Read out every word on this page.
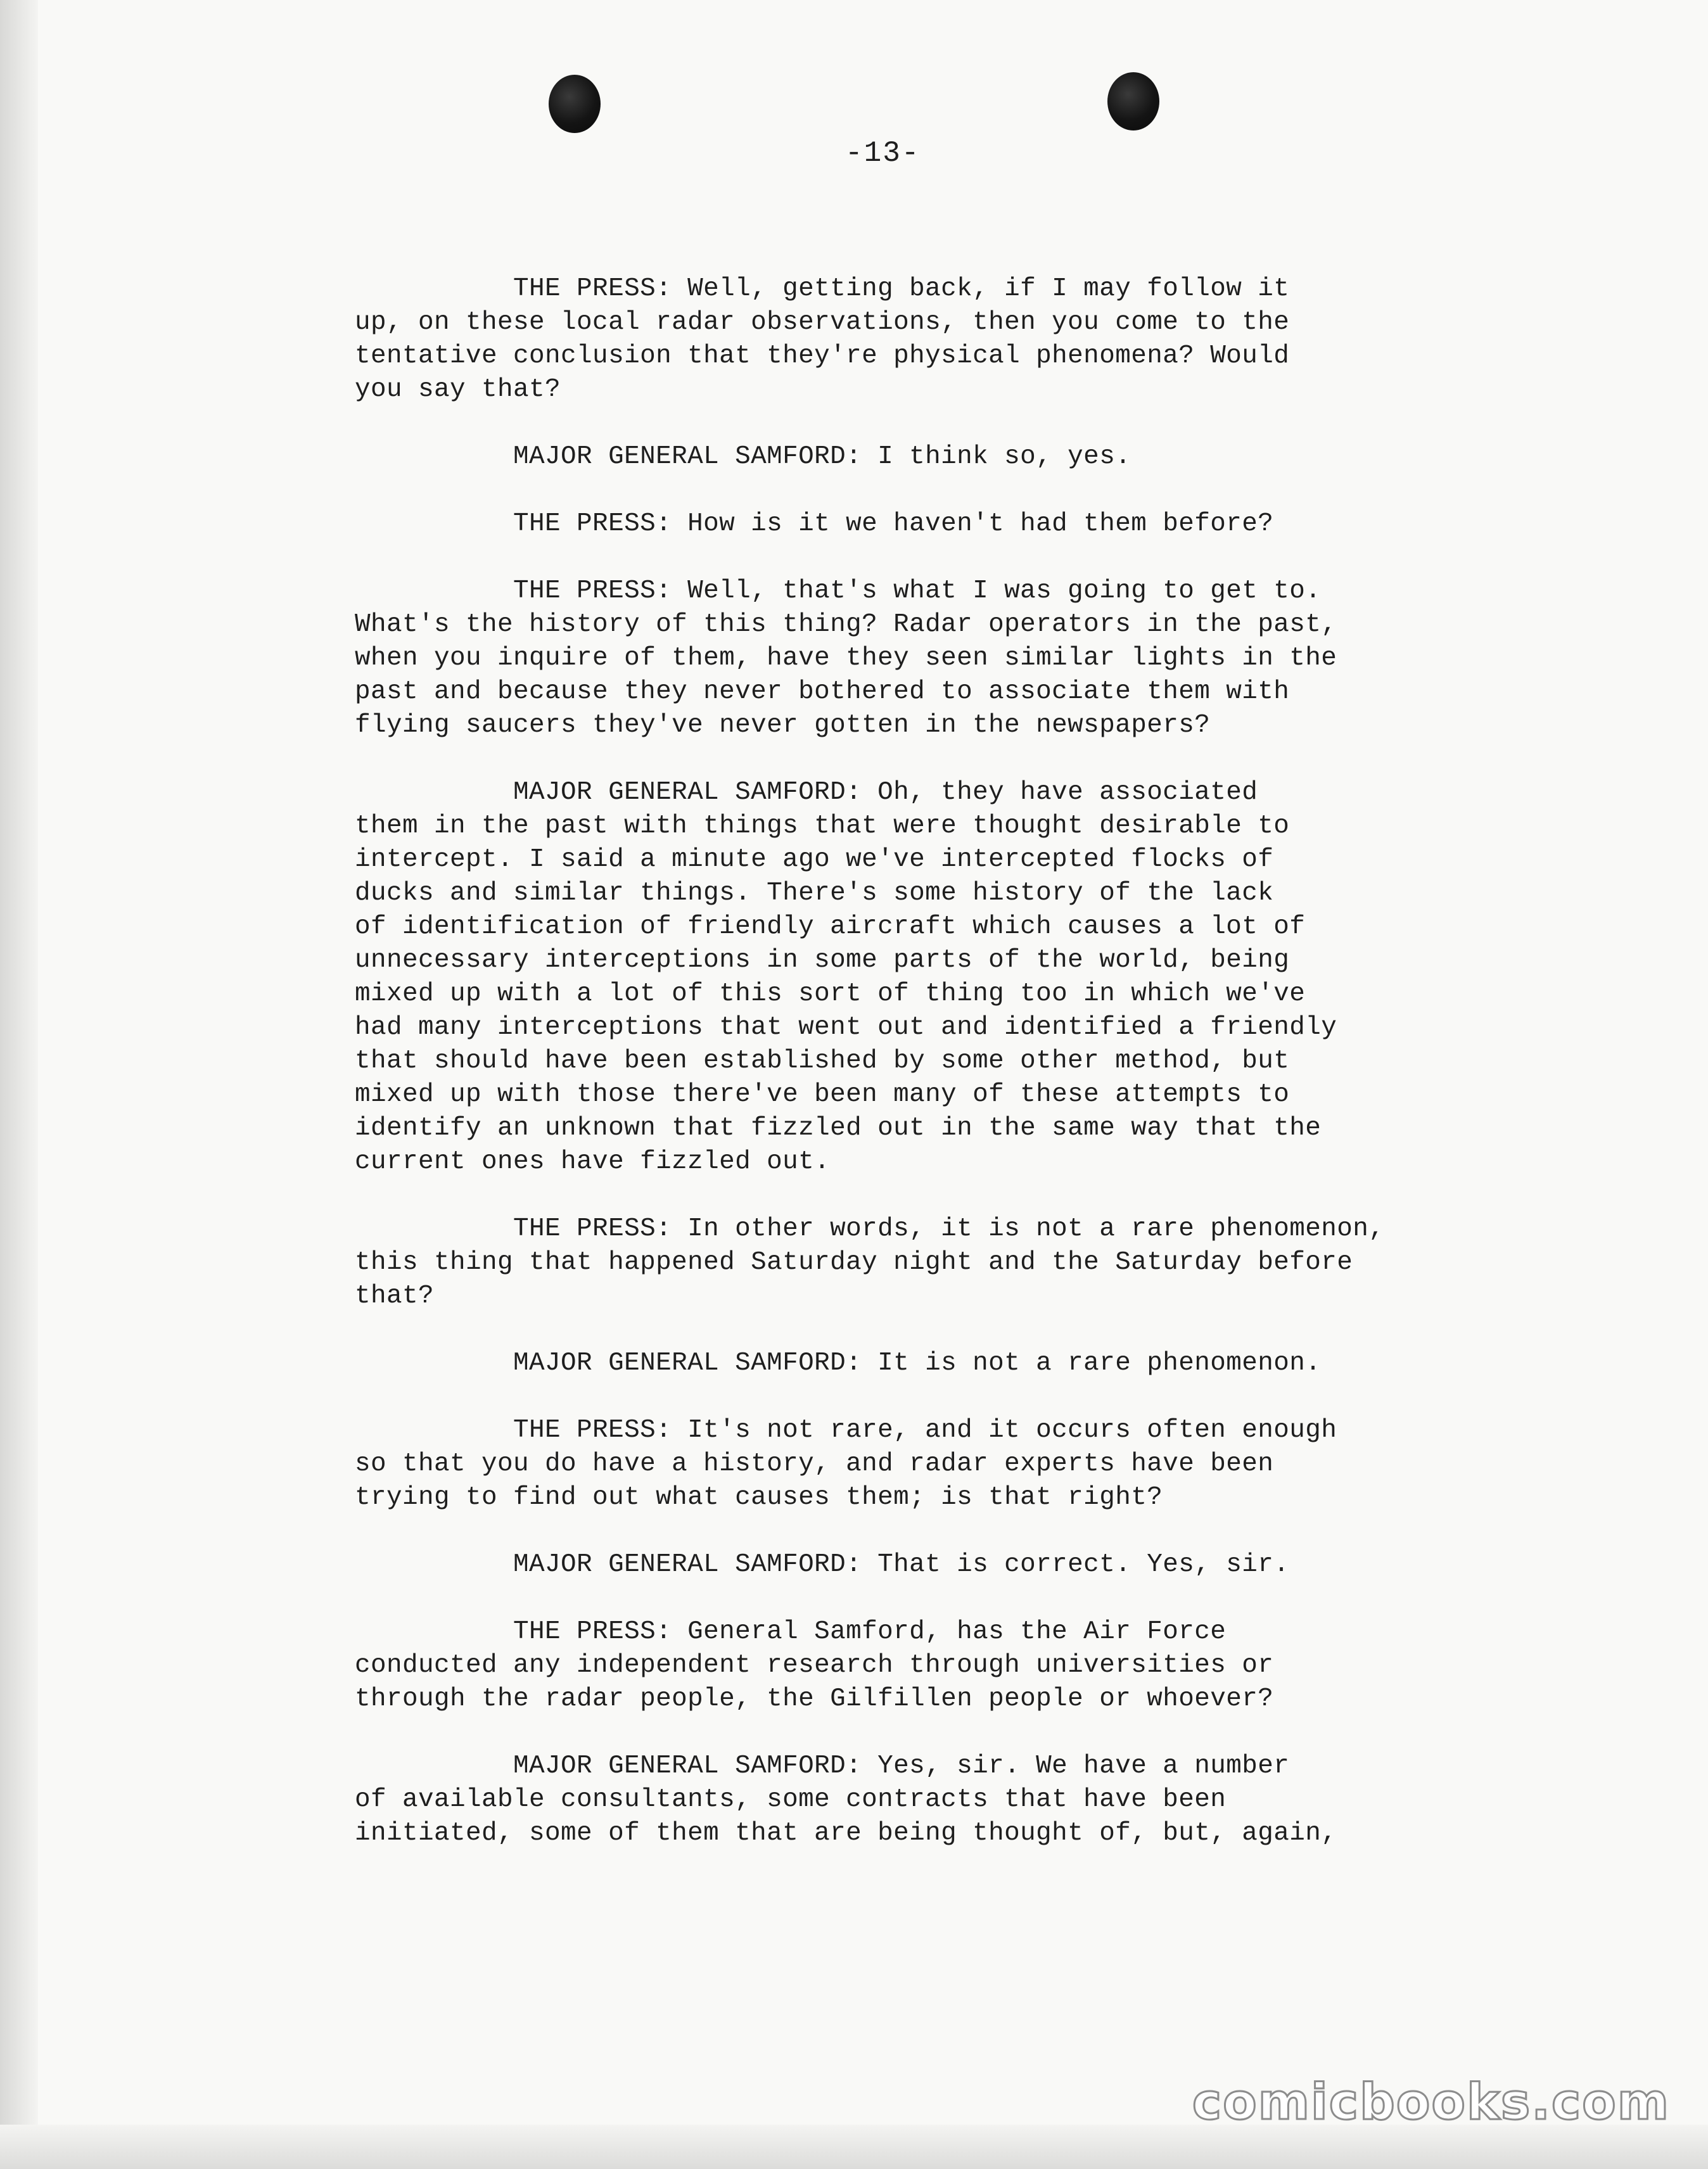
-13-
THE PRESS: Well, getting back, if I may follow it
up, on these local radar observations, then you come to the
tentative conclusion that they're physical phenomena? Would
you say that?
MAJOR GENERAL SAMFORD: I think so, yes.
THE PRESS: How is it we haven't had them before?
THE PRESS: Well, that's what I was going to get to.
What's the history of this thing? Radar operators in the past,
when you inquire of them, have they seen similar lights in the
past and because they never bothered to associate them with
flying saucers they've never gotten in the newspapers?
MAJOR GENERAL SAMFORD: Oh, they have associated
them in the past with things that were thought desirable to
intercept. I said a minute ago we've intercepted flocks of
ducks and similar things. There's some history of the lack
of identification of friendly aircraft which causes a lot of
unnecessary interceptions in some parts of the world, being
mixed up with a lot of this sort of thing too in which we've
had many interceptions that went out and identified a friendly
that should have been established by some other method, but
mixed up with those there've been many of these attempts to
identify an unknown that fizzled out in the same way that the
current ones have fizzled out.
THE PRESS: In other words, it is not a rare phenomenon,
this thing that happened Saturday night and the Saturday before
that?
MAJOR GENERAL SAMFORD: It is not a rare phenomenon.
THE PRESS: It's not rare, and it occurs often enough
so that you do have a history, and radar experts have been
trying to find out what causes them; is that right?
MAJOR GENERAL SAMFORD: That is correct. Yes, sir.
THE PRESS: General Samford, has the Air Force
conducted any independent research through universities or
through the radar people, the Gilfillen people or whoever?
MAJOR GENERAL SAMFORD: Yes, sir. We have a number
of available consultants, some contracts that have been
initiated, some of them that are being thought of, but, again,
comicbooks.com
